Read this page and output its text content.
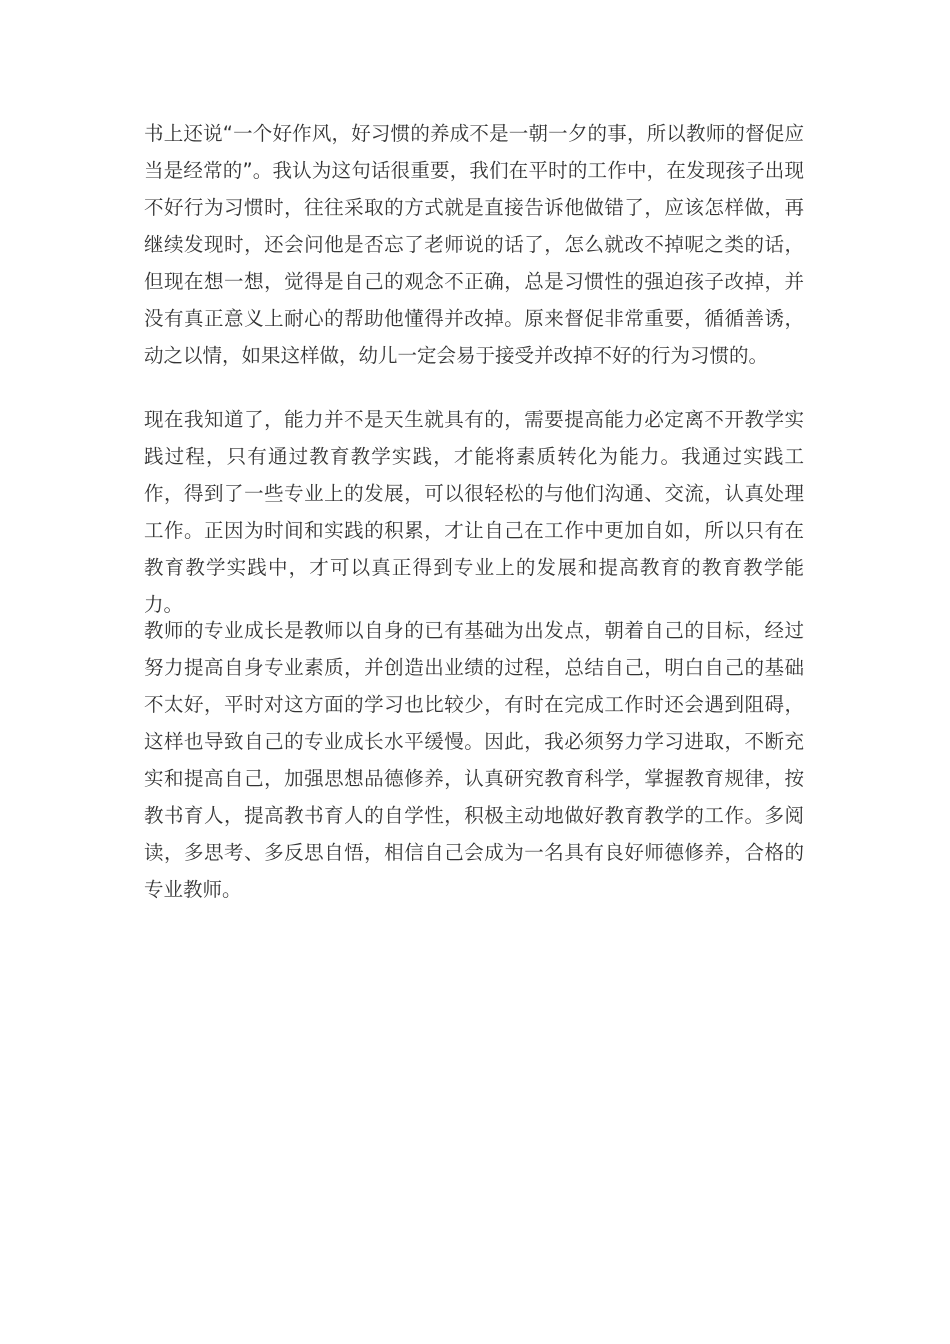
书上还说“一个好作风，好习惯的养成不是一朝一夕的事，所以教师的督促应当是经常的”。我认为这句话很重要，我们在平时的工作中，在发现孩子出现不好行为习惯时，往往采取的方式就是直接告诉他做错了，应该怎样做，再继续发现时，还会问他是否忘了老师说的话了，怎么就改不掉呢之类的话，但现在想一想，觉得是自己的观念不正确，总是习惯性的强迫孩子改掉，并没有真正意义上耐心的帮助他懂得并改掉。原来督促非常重要，循循善诱，动之以情，如果这样做，幼儿一定会易于接受并改掉不好的行为习惯的。

现在我知道了，能力并不是天生就具有的，需要提高能力必定离不开教学实践过程，只有通过教育教学实践，才能将素质转化为能力。我通过实践工作，得到了一些专业上的发展，可以很轻松的与他们沟通、交流，认真处理工作。正因为时间和实践的积累，才让自己在工作中更加自如，所以只有在教育教学实践中，才可以真正得到专业上的发展和提高教育的教育教学能力。

教师的专业成长是教师以自身的已有基础为出发点，朝着自己的目标，经过努力提高自身专业素质，并创造出业绩的过程，总结自己，明白自己的基础不太好，平时对这方面的学习也比较少，有时在完成工作时还会遇到阻碍，这样也导致自己的专业成长水平缓慢。因此，我必须努力学习进取，不断充实和提高自己，加强思想品德修养，认真研究教育科学，掌握教育规律，按教书育人，提高教书育人的自学性，积极主动地做好教育教学的工作。多阅读，多思考、多反思自悟，相信自己会成为一名具有良好师德修养，合格的专业教师。
